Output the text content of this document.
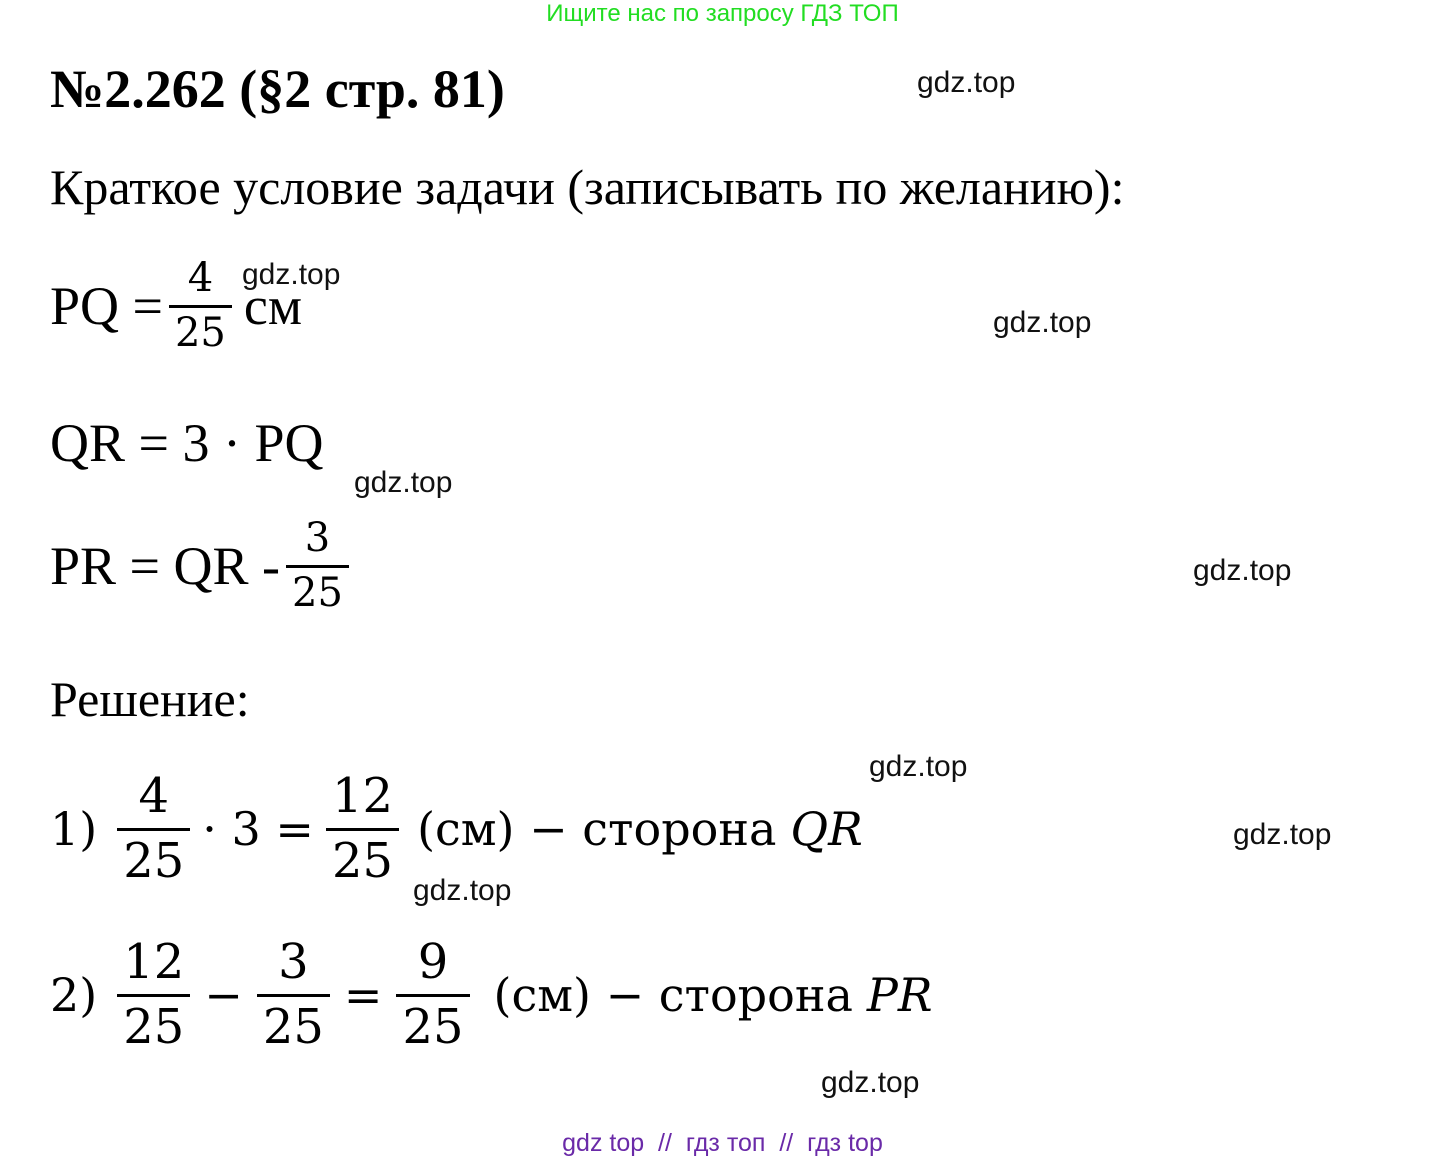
Ищите нас по запросу ГДЗ ТОП
№2.262 (§2 стр. 81)
Краткое условие задачи (записывать по желанию):
PQ = $\frac{4}{25}$ см
QR = 3 · PQ
PR = QR - $\frac{3}{25}$
Решение:
$1) \frac{4}{25} \cdot 3 = \frac{12}{25} (см)$ − сторона QR
$2) \frac{12}{25} - \frac{3}{25} = \frac{9}{25} (см)$ − сторона PR
gdz.top
gdz.top
gdz.top
gdz.top
gdz.top
gdz.top
gdz.top
gdz.top
gdz.top
gdz top  //  гдз топ  //  гдз top
